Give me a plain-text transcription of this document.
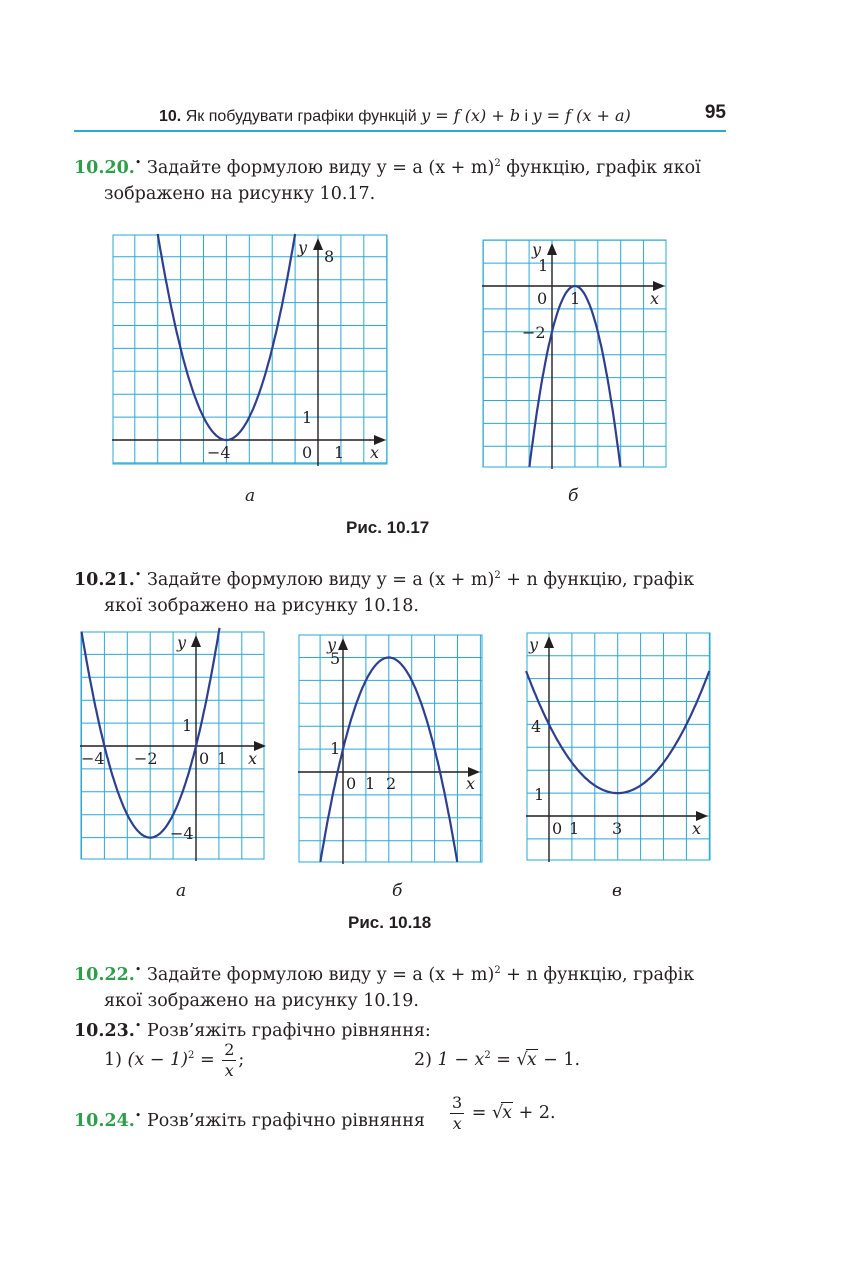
10. Як побудувати графіки функцій y = f (x) + b і y = f (x + a)	95
10.20.• Задайте формулою виду y = a $(x + m)^2$ функцію, графік якої
зображено на рисунку 10.17.
y 8
1
−4	0 1 x
y
1
0 1
−2
x
а	б
Рис. 10.17
10.21.• Задайте формулою виду y = a $(x + m)^2 + n$ функцію, графік
якої зображено на рисунку 10.18.
y
1
−4 −2	0 1
−4
x
y
5
1
0 1 2	x
y
4
1
0 1 3	x
а	б	в
Рис. 10.18
10.22.• Задайте формулою виду y = a $(x + m)^2 + n$ функцію, графік
якої зображено на рисунку 10.19.
10.23.• Розв’яжіть графічно рівняння:
1) $(x - 1)^2 = \frac{2}{x}$ ;	2) $1 - x^2 = √x - 1$.
10.24.• Розв’яжіть графічно рівняння $\frac{3}{x} = √x + 2$.
